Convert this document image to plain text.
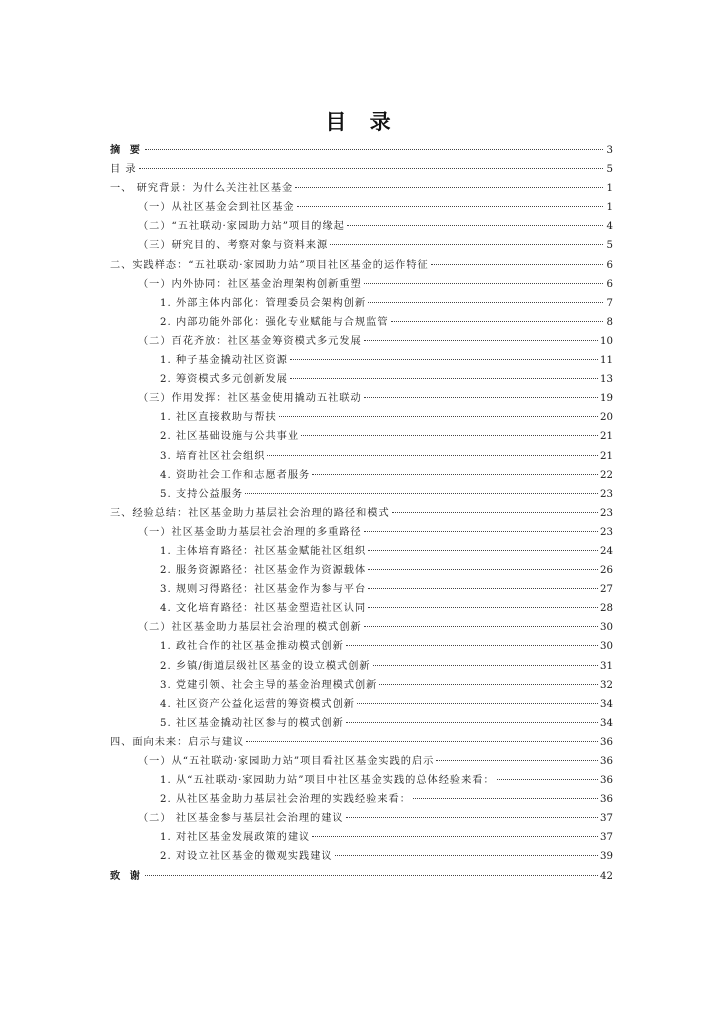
目 录
摘 要	3
目 录	5
一、 研究背景：为什么关注社区基金	1
（一）从社区基金会到社区基金	1
（二）“五社联动·家园助力站”项目的缘起	4
（三）研究目的、考察对象与资料来源	5
二、实践样态：“五社联动·家园助力站”项目社区基金的运作特征	6
（一）内外协同：社区基金治理架构创新重塑	6
1. 外部主体内部化：管理委员会架构创新	7
2. 内部功能外部化：强化专业赋能与合规监管	8
（二）百花齐放：社区基金筹资模式多元发展	10
1. 种子基金撬动社区资源	11
2. 筹资模式多元创新发展	13
（三）作用发挥：社区基金使用撬动五社联动	19
1. 社区直接救助与帮扶	20
2. 社区基础设施与公共事业	21
3. 培育社区社会组织	21
4. 资助社会工作和志愿者服务	22
5. 支持公益服务	23
三、经验总结：社区基金助力基层社会治理的路径和模式	23
（一）社区基金助力基层社会治理的多重路径	23
1. 主体培育路径：社区基金赋能社区组织	24
2. 服务资源路径：社区基金作为资源载体	26
3. 规则习得路径：社区基金作为参与平台	27
4. 文化培育路径：社区基金塑造社区认同	28
（二）社区基金助力基层社会治理的模式创新	30
1. 政社合作的社区基金推动模式创新	30
2. 乡镇/街道层级社区基金的设立模式创新	31
3. 党建引领、社会主导的基金治理模式创新	32
4. 社区资产公益化运营的筹资模式创新	34
5. 社区基金撬动社区参与的模式创新	34
四、面向未来：启示与建议	36
（一）从“五社联动·家园助力站”项目看社区基金实践的启示	36
1. 从“五社联动·家园助力站”项目中社区基金实践的总体经验来看：	36
2. 从社区基金助力基层社会治理的实践经验来看：	36
（二） 社区基金参与基层社会治理的建议	37
1. 对社区基金发展政策的建议	37
2. 对设立社区基金的微观实践建议	39
致 谢	42
